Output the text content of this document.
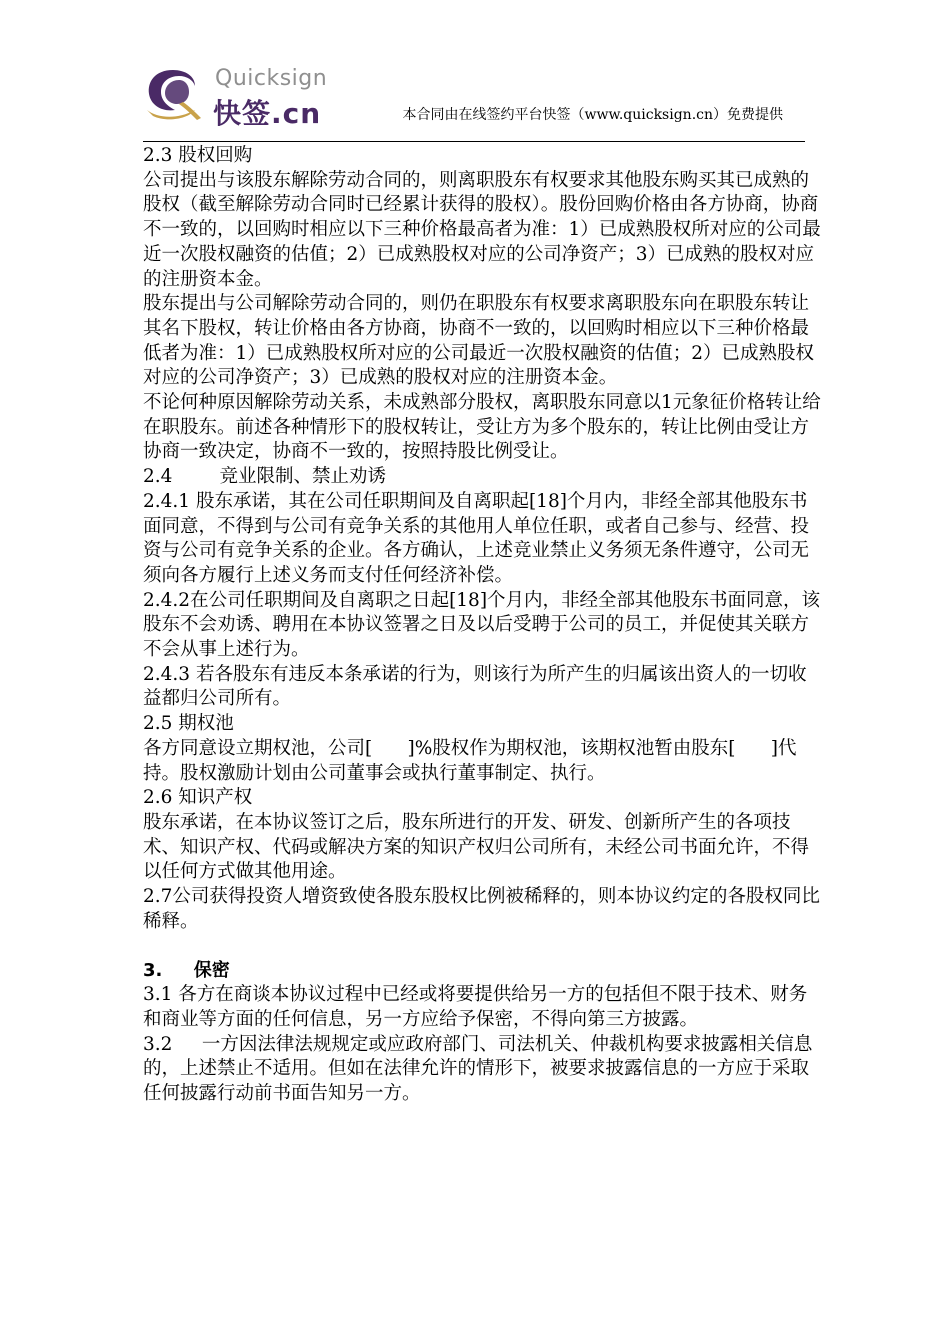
Quicksign
快签.cn	本合同由在线签约平台快签（www.quicksign.cn）免费提供

2.3 股权回购

公司提出与该股东解除劳动合同的，则离职股东有权要求其他股东购买其已成熟的股权（截至解除劳动合同时已经累计获得的股权）。股份回购价格由各方协商，协商不一致的，以回购时相应以下三种价格最高者为准：1）已成熟股权所对应的公司最近一次股权融资的估值；2）已成熟股权对应的公司净资产；3）已成熟的股权对应的注册资本金。

股东提出与公司解除劳动合同的，则仍在职股东有权要求离职股东向在职股东转让其名下股权，转让价格由各方协商，协商不一致的，以回购时相应以下三种价格最低者为准：1）已成熟股权所对应的公司最近一次股权融资的估值；2）已成熟股权对应的公司净资产；3）已成熟的股权对应的注册资本金。

不论何种原因解除劳动关系，未成熟部分股权，离职股东同意以1元象征价格转让给在职股东。前述各种情形下的股权转让，受让方为多个股东的，转让比例由受让方协商一致决定，协商不一致的，按照持股比例受让。

2.4        竞业限制、禁止劝诱

2.4.1 股东承诺，其在公司任职期间及自离职起[18]个月内，非经全部其他股东书面同意，不得到与公司有竞争关系的其他用人单位任职，或者自己参与、经营、投资与公司有竞争关系的企业。各方确认，上述竞业禁止义务须无条件遵守，公司无须向各方履行上述义务而支付任何经济补偿。

2.4.2在公司任职期间及自离职之日起[18]个月内，非经全部其他股东书面同意，该股东不会劝诱、聘用在本协议签署之日及以后受聘于公司的员工，并促使其关联方不会从事上述行为。

2.4.3 若各股东有违反本条承诺的行为，则该行为所产生的归属该出资人的一切收益都归公司所有。

2.5 期权池

各方同意设立期权池，公司[      ]%股权作为期权池，该期权池暂由股东[      ]代持。股权激励计划由公司董事会或执行董事制定、执行。

2.6 知识产权

股东承诺，在本协议签订之后，股东所进行的开发、研发、创新所产生的各项技术、知识产权、代码或解决方案的知识产权归公司所有，未经公司书面允许，不得以任何方式做其他用途。

2.7公司获得投资人增资致使各股东股权比例被稀释的，则本协议约定的各股权同比稀释。

3.     保密

3.1 各方在商谈本协议过程中已经或将要提供给另一方的包括但不限于技术、财务和商业等方面的任何信息，另一方应给予保密，不得向第三方披露。

3.2     一方因法律法规规定或应政府部门、司法机关、仲裁机构要求披露相关信息的，上述禁止不适用。但如在法律允许的情形下，被要求披露信息的一方应于采取任何披露行动前书面告知另一方。
